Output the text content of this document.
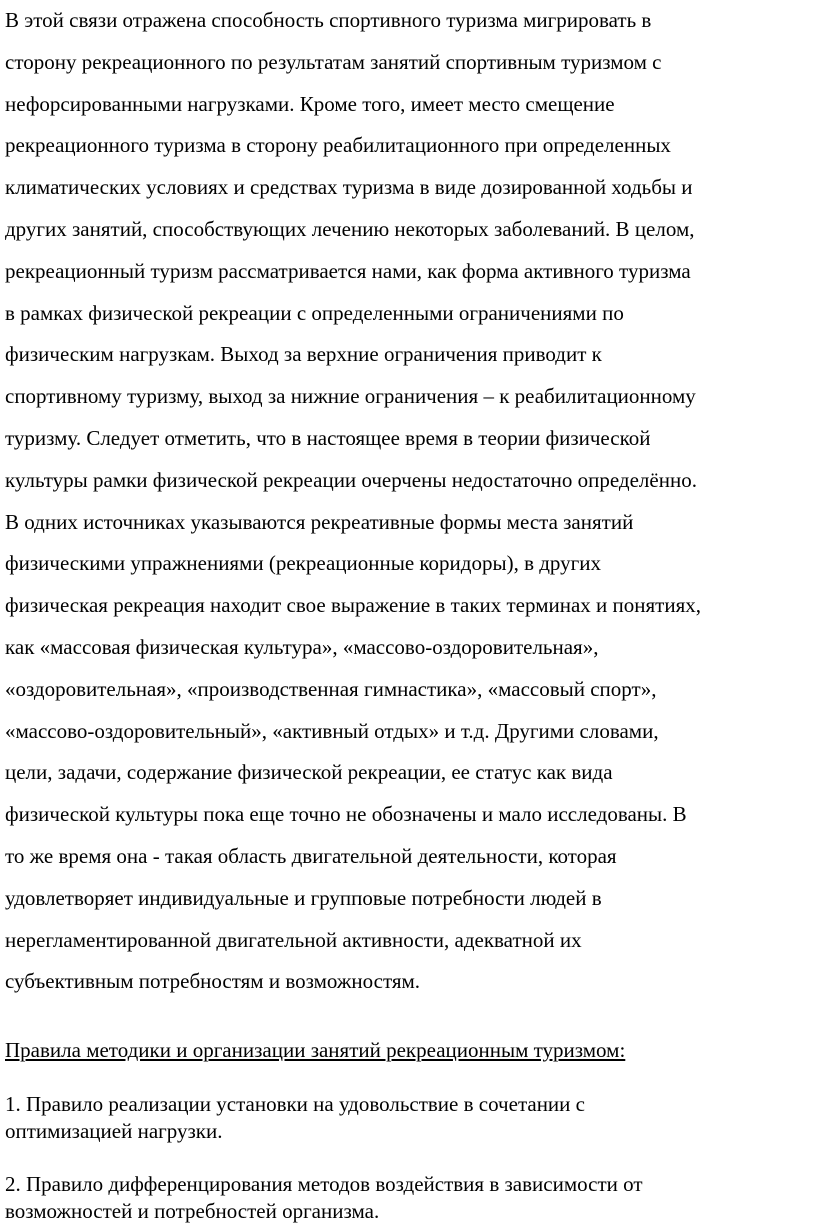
В этой связи отражена способность спортивного туризма мигрировать в
сторону рекреационного по результатам занятий спортивным туризмом с
нефорсированными нагрузками. Кроме того, имеет место смещение
рекреационного туризма в сторону реабилитационного при определенных
климатических условиях и средствах туризма в виде дозированной ходьбы и
других занятий, способствующих лечению некоторых заболеваний. В целом,
рекреационный туризм рассматривается нами, как форма активного туризма
в рамках физической рекреации с определенными ограничениями по
физическим нагрузкам. Выход за верхние ограничения приводит к
спортивному туризму, выход за нижние ограничения – к реабилитационному
туризму. Следует отметить, что в настоящее время в теории физической
культуры рамки физической рекреации очерчены недостаточно определённо.
В одних источниках указываются рекреативные формы места занятий
физическими упражнениями (рекреационные коридоры), в других
физическая рекреация находит свое выражение в таких терминах и понятиях,
как «массовая физическая культура», «массово-оздоровительная»,
«оздоровительная», «производственная гимнастика», «массовый спорт»,
«массово-оздоровительный», «активный отдых» и т.д. Другими словами,
цели, задачи, содержание физической рекреации, ее статус как вида
физической культуры пока еще точно не обозначены и мало исследованы. В
то же время она - такая область двигательной деятельности, которая
удовлетворяет индивидуальные и групповые потребности людей в
нерегламентированной двигательной активности, адекватной их
субъективным потребностям и возможностям.

Правила методики и организации занятий рекреационным туризмом:

1. Правило реализации установки на удовольствие в сочетании с
оптимизацией нагрузки.
2. Правило дифференцирования методов воздействия в зависимости от
возможностей и потребностей организма.
